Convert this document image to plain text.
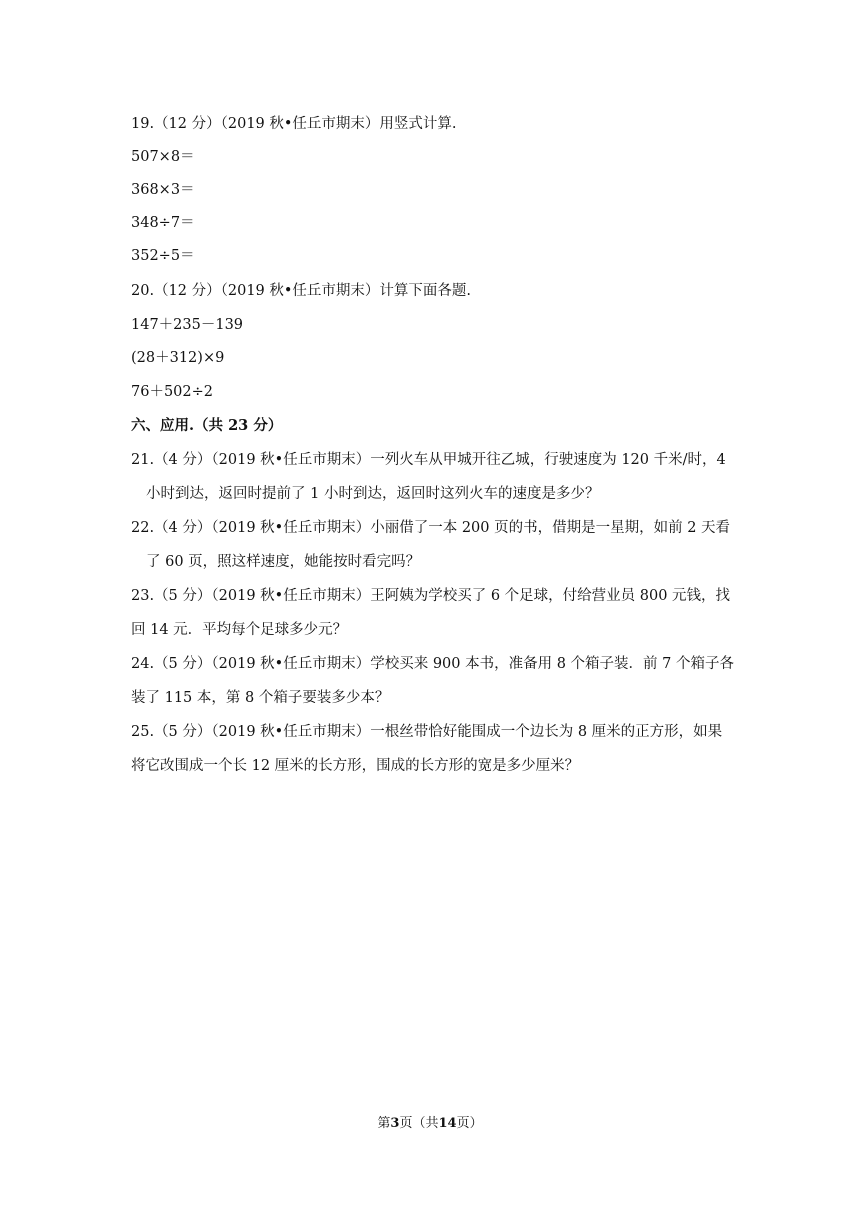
19.（12 分）（2019 秋•任丘市期末）用竖式计算.
507×8＝
368×3＝
348÷7＝
352÷5＝
20.（12 分）（2019 秋•任丘市期末）计算下面各题.
147＋235－139
(28＋312)×9
76＋502÷2
六、应用.（共 23 分）
21.（4 分）（2019 秋•任丘市期末）一列火车从甲城开往乙城，行驶速度为 120 千米/时，4
小时到达，返回时提前了 1 小时到达，返回时这列火车的速度是多少？
22.（4 分）（2019 秋•任丘市期末）小丽借了一本 200 页的书，借期是一星期，如前 2 天看
了 60 页，照这样速度，她能按时看完吗？
23.（5 分）（2019 秋•任丘市期末）王阿姨为学校买了 6 个足球，付给营业员 800 元钱，找
回 14 元．平均每个足球多少元？
24.（5 分）（2019 秋•任丘市期末）学校买来 900 本书，准备用 8 个箱子装．前 7 个箱子各
装了 115 本，第 8 个箱子要装多少本？
25.（5 分）（2019 秋•任丘市期末）一根丝带恰好能围成一个边长为 8 厘米的正方形，如果
将它改围成一个长 12 厘米的长方形，围成的长方形的宽是多少厘米？
第3页（共14页）
